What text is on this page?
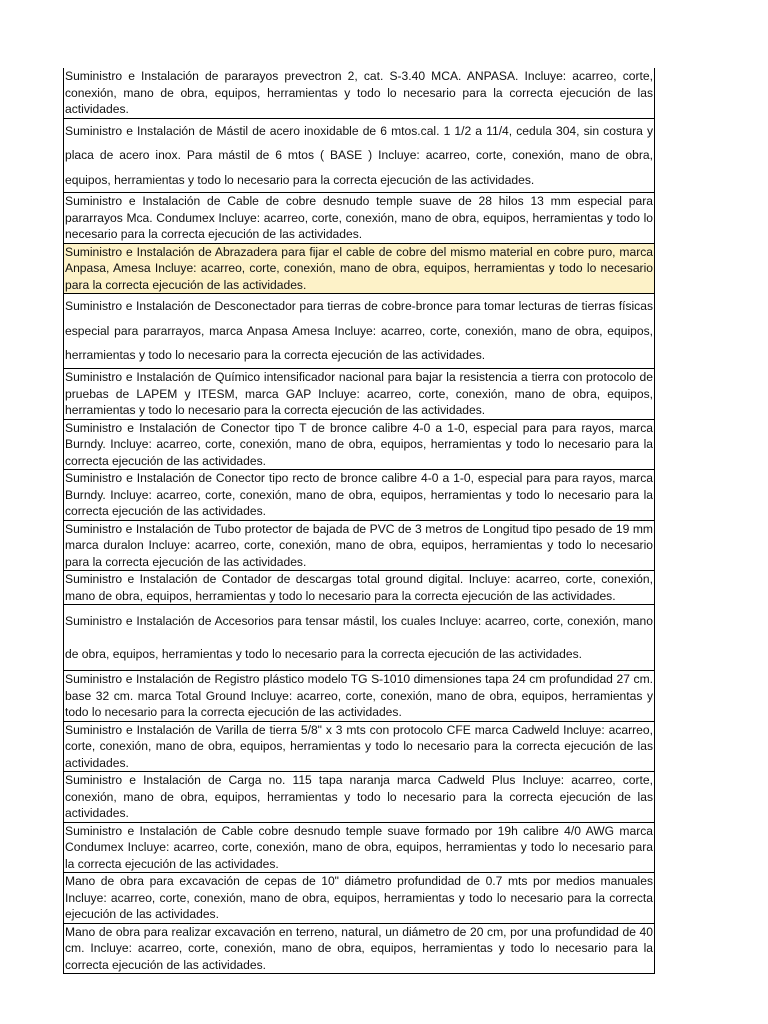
Suministro e Instalación de pararayos prevectron 2, cat. S-3.40 MCA. ANPASA. Incluye: acarreo, corte, conexión, mano de obra, equipos, herramientas y todo lo necesario para la correcta ejecución de las actividades.
Suministro e Instalación de Mástil de acero inoxidable de 6 mtos.cal. 1 1/2 a 11/4, cedula 304, sin costura y placa de acero inox. Para mástil de 6 mtos ( BASE ) Incluye: acarreo, corte, conexión, mano de obra, equipos, herramientas y todo lo necesario para la correcta ejecución de las actividades.
Suministro e Instalación de Cable de cobre desnudo temple suave de 28 hilos 13 mm especial para pararrayos Mca. Condumex Incluye: acarreo, corte, conexión, mano de obra, equipos, herramientas y todo lo necesario para la correcta ejecución de las actividades.
Suministro e Instalación de Abrazadera para fijar el cable de cobre del mismo material en cobre puro, marca Anpasa, Amesa Incluye: acarreo, corte, conexión, mano de obra, equipos, herramientas y todo lo necesario para la correcta ejecución de las actividades.
Suministro e Instalación de Desconectador para tierras de cobre-bronce para tomar lecturas de tierras físicas especial para pararrayos, marca Anpasa Amesa Incluye: acarreo, corte, conexión, mano de obra, equipos, herramientas y todo lo necesario para la correcta ejecución de las actividades.
Suministro e Instalación de Químico intensificador nacional para bajar la resistencia a tierra con protocolo de pruebas de LAPEM y ITESM, marca GAP Incluye: acarreo, corte, conexión, mano de obra, equipos, herramientas y todo lo necesario para la correcta ejecución de las actividades.
Suministro e Instalación de Conector tipo T de bronce calibre 4-0 a 1-0, especial para para rayos, marca Burndy. Incluye: acarreo, corte, conexión, mano de obra, equipos, herramientas y todo lo necesario para la correcta ejecución de las actividades.
Suministro e Instalación de Conector tipo recto de bronce calibre 4-0 a 1-0, especial para para rayos, marca Burndy. Incluye: acarreo, corte, conexión, mano de obra, equipos, herramientas y todo lo necesario para la correcta ejecución de las actividades.
Suministro e Instalación de Tubo protector de bajada de PVC de 3 metros de Longitud tipo pesado de 19 mm marca duralon Incluye: acarreo, corte, conexión, mano de obra, equipos, herramientas y todo lo necesario para la correcta ejecución de las actividades.
Suministro e Instalación de Contador de descargas total ground digital. Incluye: acarreo, corte, conexión, mano de obra, equipos, herramientas y todo lo necesario para la correcta ejecución de las actividades.
Suministro e Instalación de Accesorios para tensar mástil, los cuales Incluye: acarreo, corte, conexión, mano de obra, equipos, herramientas y todo lo necesario para la correcta ejecución de las actividades.
Suministro e Instalación de Registro plástico modelo TG S-1010 dimensiones tapa 24 cm profundidad 27 cm. base 32 cm. marca Total Ground Incluye: acarreo, corte, conexión, mano de obra, equipos, herramientas y todo lo necesario para la correcta ejecución de las actividades.
Suministro e Instalación de Varilla de tierra 5/8" x 3 mts con protocolo CFE marca Cadweld Incluye: acarreo, corte, conexión, mano de obra, equipos, herramientas y todo lo necesario para la correcta ejecución de las actividades.
Suministro e Instalación de Carga no. 115 tapa naranja marca Cadweld Plus Incluye: acarreo, corte, conexión, mano de obra, equipos, herramientas y todo lo necesario para la correcta ejecución de las actividades.
Suministro e Instalación de Cable cobre desnudo temple suave formado por 19h calibre 4/0 AWG marca Condumex Incluye: acarreo, corte, conexión, mano de obra, equipos, herramientas y todo lo necesario para la correcta ejecución de las actividades.
Mano de obra para excavación de cepas de 10" diámetro profundidad de 0.7 mts por medios manuales Incluye: acarreo, corte, conexión, mano de obra, equipos, herramientas y todo lo necesario para la correcta ejecución de las actividades.
Mano de obra para realizar excavación en terreno, natural, un diámetro de 20 cm, por una profundidad de 40 cm. Incluye: acarreo, corte, conexión, mano de obra, equipos, herramientas y todo lo necesario para la correcta ejecución de las actividades.
